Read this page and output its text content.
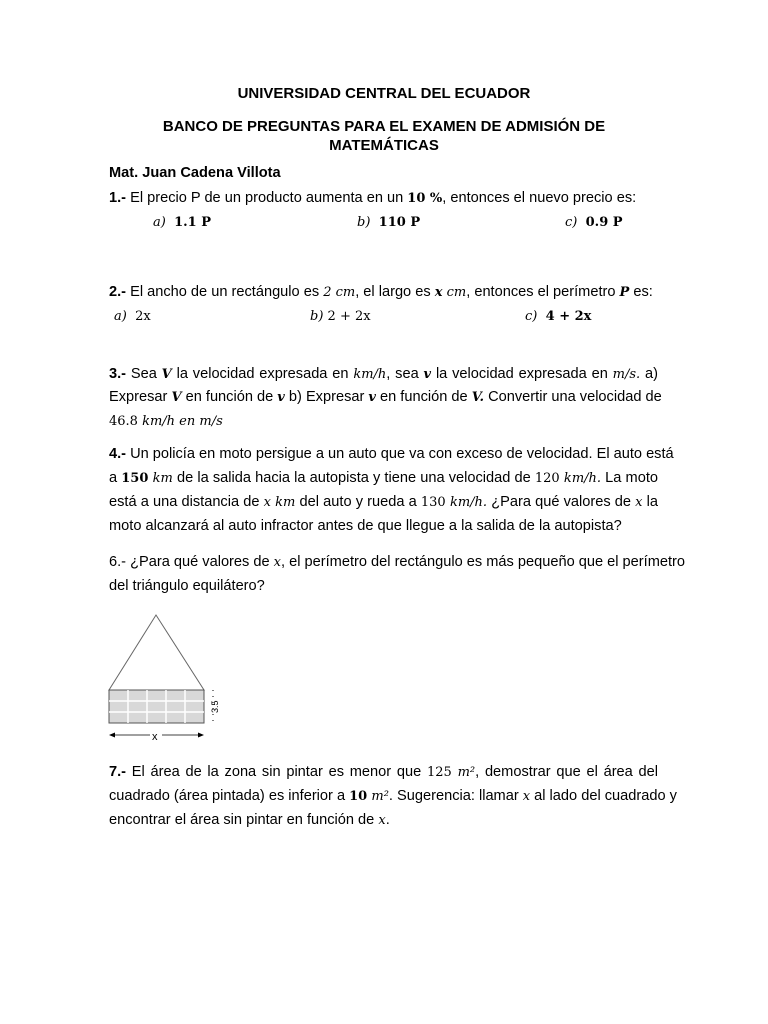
UNIVERSIDAD CENTRAL DEL ECUADOR
BANCO DE PREGUNTAS PARA EL EXAMEN DE ADMISIÓN DE
MATEMÁTICAS
Mat. Juan Cadena Villota
1.- El precio P de un producto aumenta en un 10 %, entonces el nuevo precio es:
a) 1.1 P	b) 110 P	c) 0.9 P
2.- El ancho de un rectángulo es 2 cm, el largo es x cm, entonces el perímetro P es:
a) 2x	b) 2 + 2x	c) 4 + 2x
3.- Sea V la velocidad expresada en km/h, sea v la velocidad expresada en m/s. a)
Expresar V en función de v b) Expresar v en función de V. Convertir una velocidad de
46.8 km/h en m/s
4.- Un policía en moto persigue a un auto que va con exceso de velocidad. El auto está
a 150 km de la salida hacia la autopista y tiene una velocidad de 120 km/h. La moto
está a una distancia de x km del auto y rueda a 130 km/h. ¿Para qué valores de x la
moto alcanzará al auto infractor antes de que llegue a la salida de la autopista?
6.- ¿Para qué valores de x, el perímetro del rectángulo es más pequeño que el perímetro
del triángulo equilátero?
3.5
x
7.- El área de la zona sin pintar es menor que 125 m², demostrar que el área del
cuadrado (área pintada) es inferior a 10 m². Sugerencia: llamar x al lado del cuadrado y
encontrar el área sin pintar en función de x.
